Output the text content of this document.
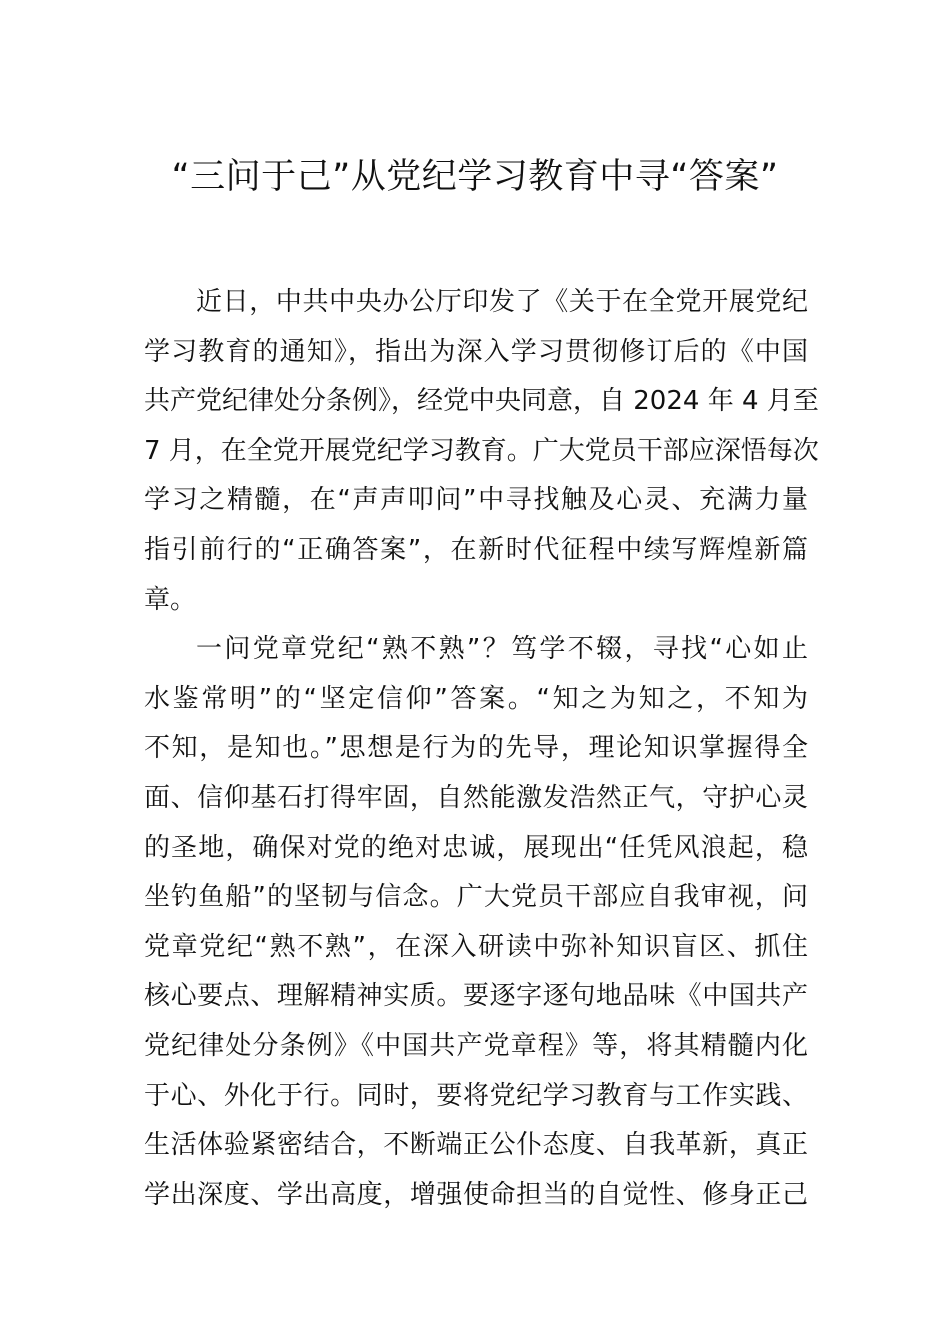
“三问于己”从党纪学习教育中寻“答案”
近日，中共中央办公厅印发了《关于在全党开展党纪
学习教育的通知》，指出为深入学习贯彻修订后的《中国
共产党纪律处分条例》，经党中央同意，自 2024 年 4 月至
7 月，在全党开展党纪学习教育。广大党员干部应深悟每次
学习之精髓，在“声声叩问”中寻找触及心灵、充满力量
指引前行的“正确答案”，在新时代征程中续写辉煌新篇
章。
一问党章党纪“熟不熟”？笃学不辍，寻找“心如止
水鉴常明”的“坚定信仰”答案。“知之为知之，不知为
不知，是知也。”思想是行为的先导，理论知识掌握得全
面、信仰基石打得牢固，自然能激发浩然正气，守护心灵
的圣地，确保对党的绝对忠诚，展现出“任凭风浪起，稳
坐钓鱼船”的坚韧与信念。广大党员干部应自我审视，问
党章党纪“熟不熟”，在深入研读中弥补知识盲区、抓住
核心要点、理解精神实质。要逐字逐句地品味《中国共产
党纪律处分条例》《中国共产党章程》等，将其精髓内化
于心、外化于行。同时，要将党纪学习教育与工作实践、
生活体验紧密结合，不断端正公仆态度、自我革新，真正
学出深度、学出高度，增强使命担当的自觉性、修身正己
